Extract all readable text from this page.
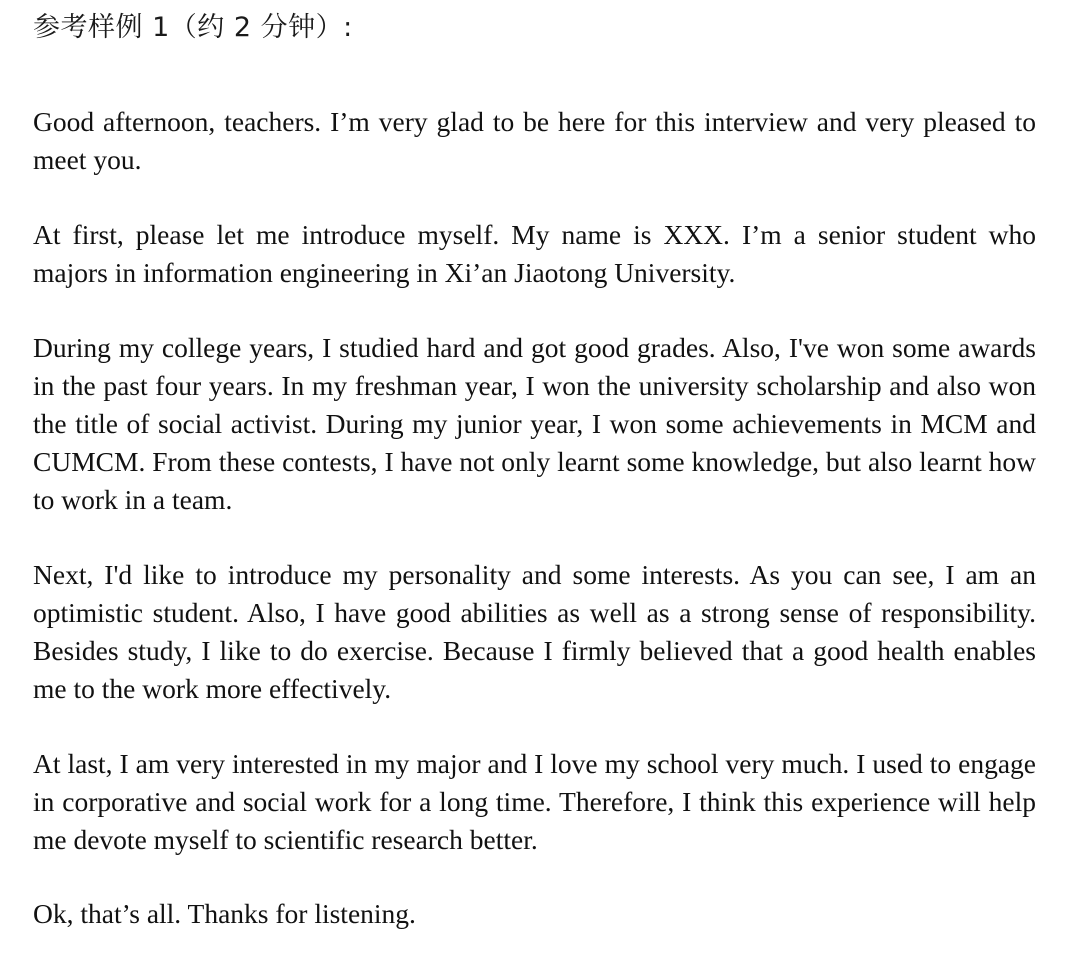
参考样例 1（约 2 分钟）:

Good afternoon, teachers. I’m very glad to be here for this interview and very pleased to meet you.

At first, please let me introduce myself. My name is XXX. I’m a senior student who majors in information engineering in Xi’an Jiaotong University.

During my college years, I studied hard and got good grades. Also, I've won some awards in the past four years. In my freshman year, I won the university scholarship and also won the title of social activist. During my junior year, I won some achievements in MCM and CUMCM. From these contests, I have not only learnt some knowledge, but also learnt how to work in a team.

Next, I'd like to introduce my personality and some interests. As you can see, I am an optimistic student. Also, I have good abilities as well as a strong sense of responsibility. Besides study, I like to do exercise. Because I firmly believed that a good health enables me to the work more effectively.

At last, I am very interested in my major and I love my school very much. I used to engage in corporative and social work for a long time. Therefore, I think this experience will help me devote myself to scientific research better.

Ok, that’s all. Thanks for listening.
